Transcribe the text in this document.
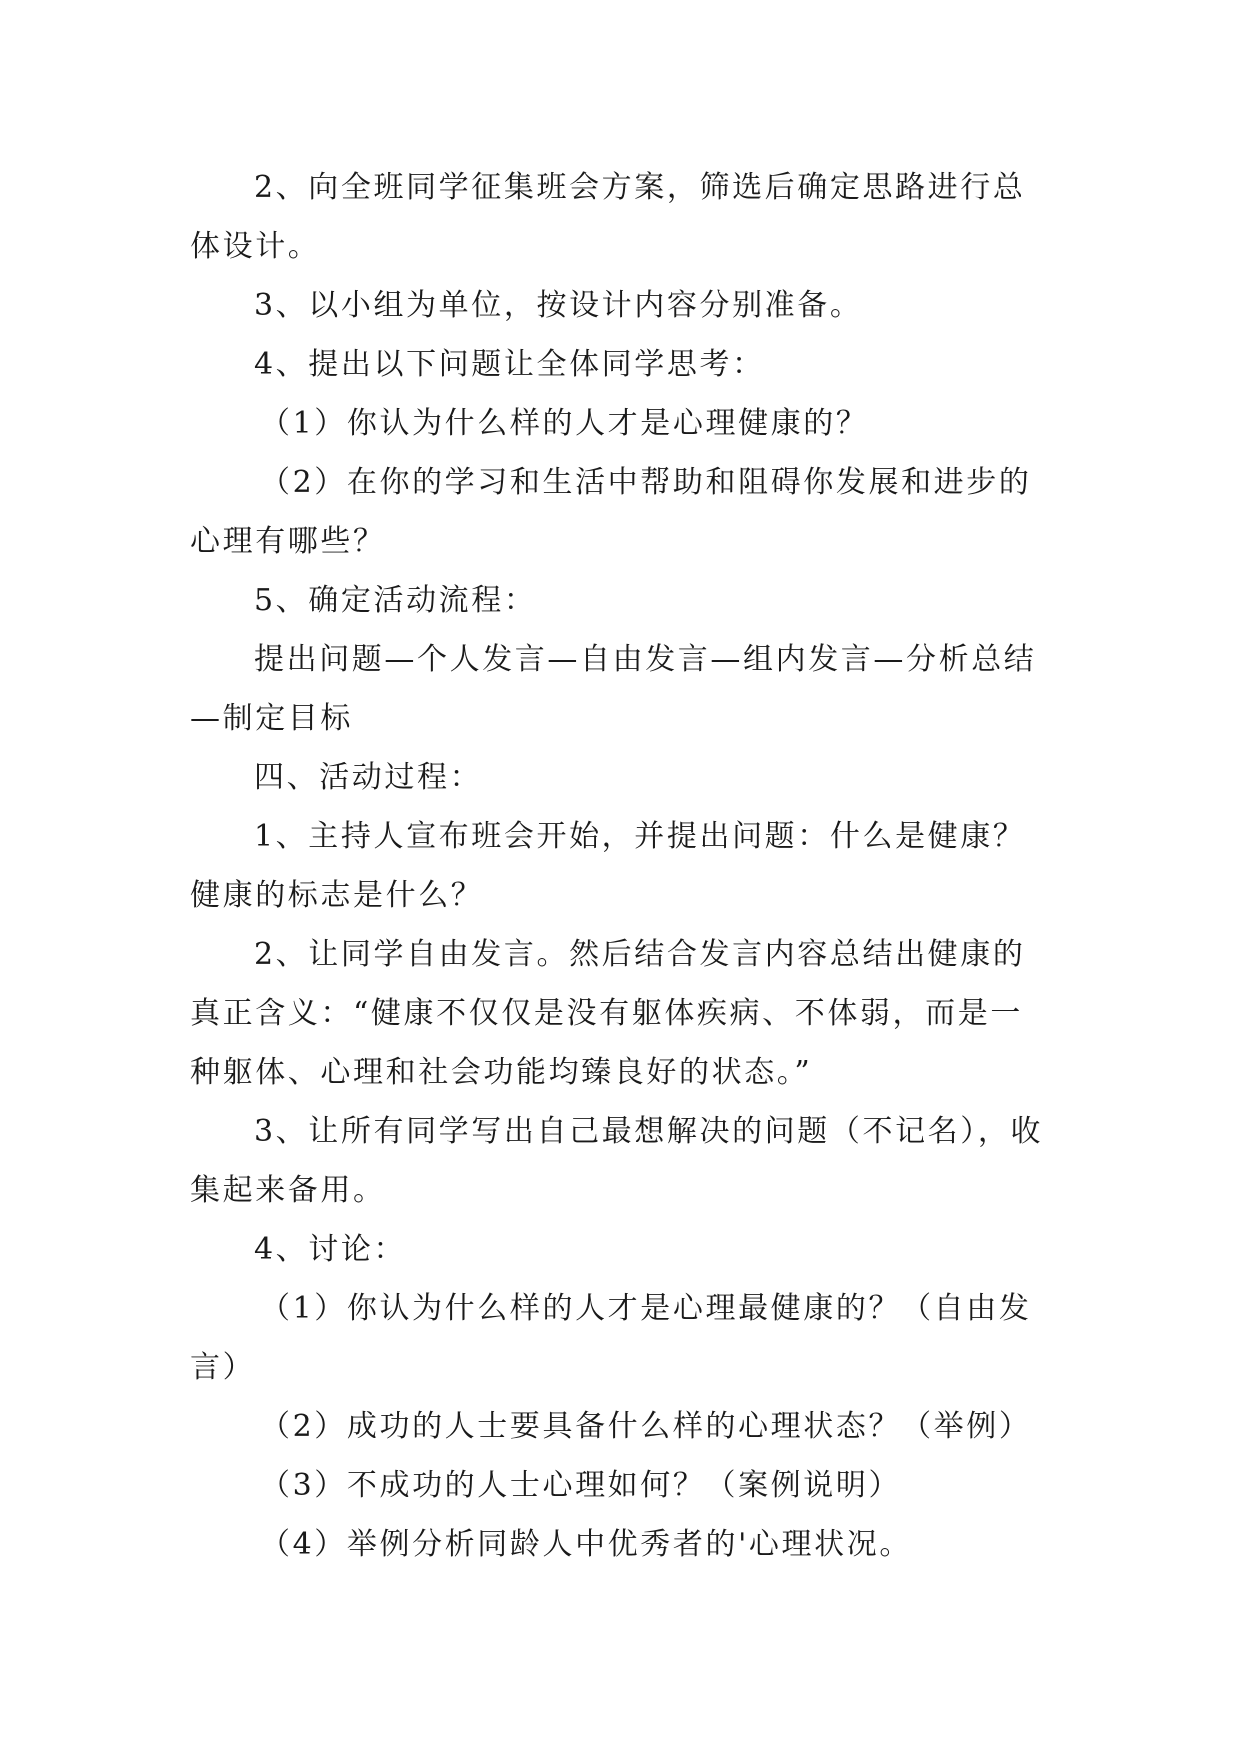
2、向全班同学征集班会方案，筛选后确定思路进行总体设计。

3、以小组为单位，按设计内容分别准备。

4、提出以下问题让全体同学思考：

（1）你认为什么样的人才是心理健康的？

（2）在你的学习和生活中帮助和阻碍你发展和进步的心理有哪些？

5、确定活动流程：

提出问题—个人发言—自由发言—组内发言—分析总结—制定目标

四、活动过程：

1、主持人宣布班会开始，并提出问题：什么是健康？健康的标志是什么？

2、让同学自由发言。然后结合发言内容总结出健康的真正含义：“健康不仅仅是没有躯体疾病、不体弱，而是一种躯体、心理和社会功能均臻良好的状态。”

3、让所有同学写出自己最想解决的问题（不记名），收集起来备用。

4、讨论：

（1）你认为什么样的人才是心理最健康的？（自由发言）

（2）成功的人士要具备什么样的心理状态？（举例）

（3）不成功的人士心理如何？（案例说明）

（4）举例分析同龄人中优秀者的'心理状况。
